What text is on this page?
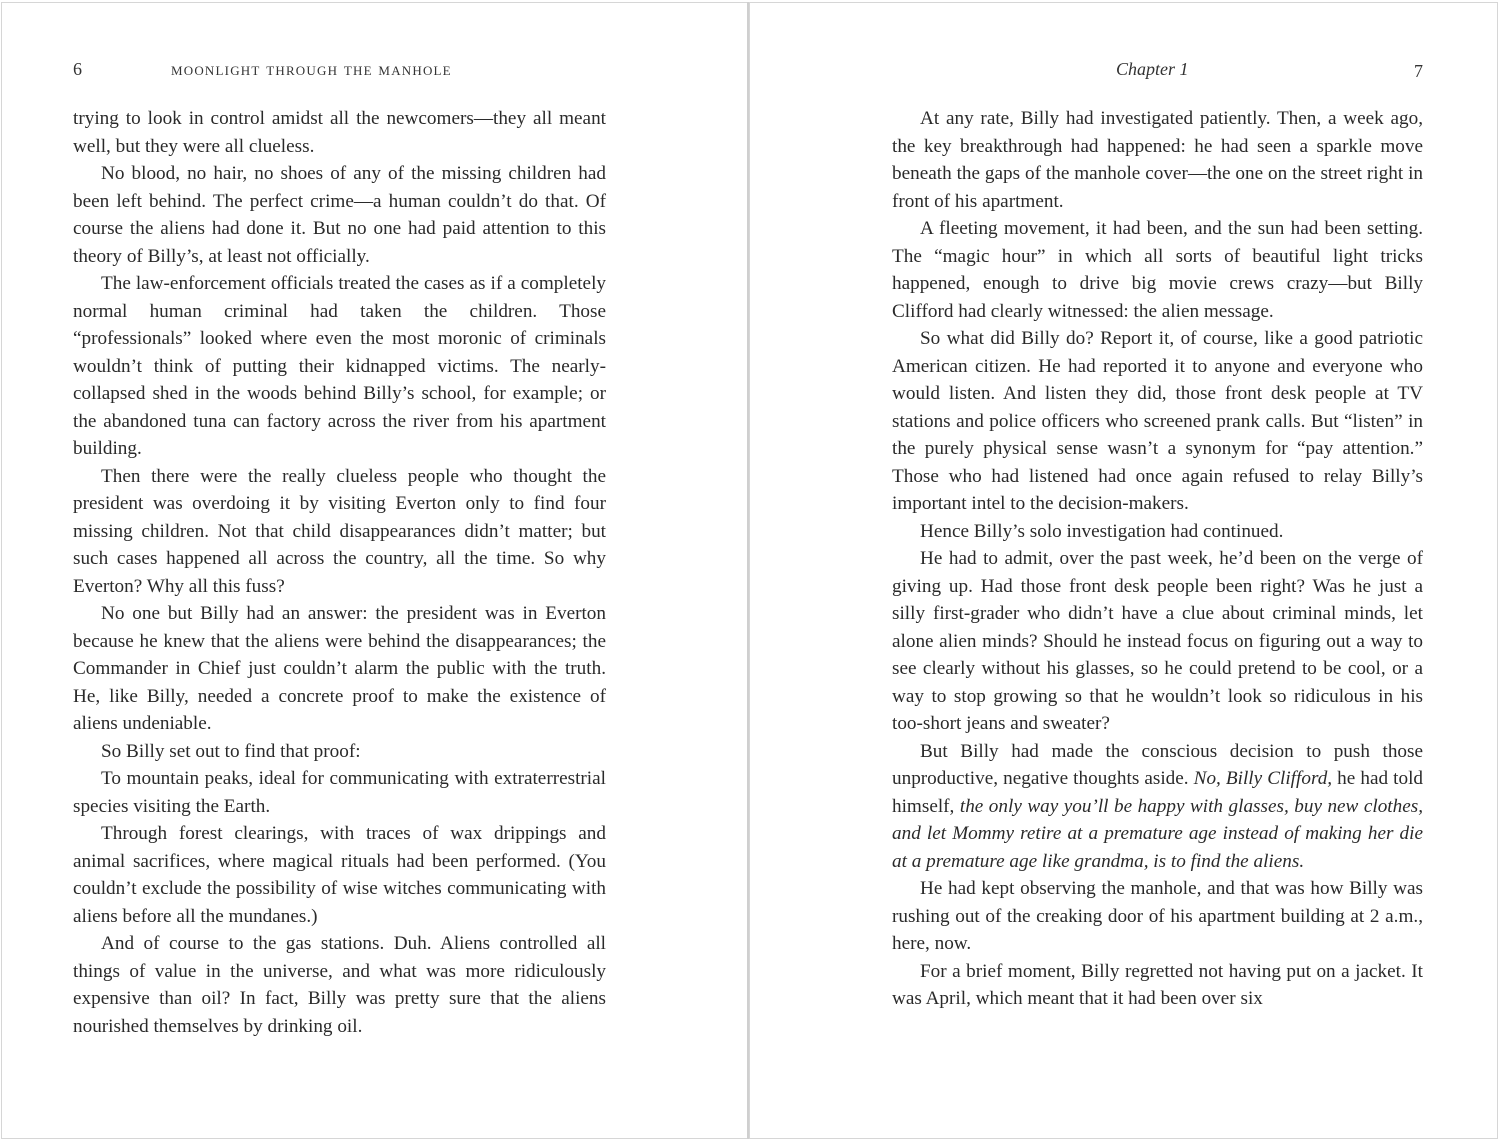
6	moonlight through the manhole

trying to look in control amidst all the newcomers—they all meant well, but they were all clueless.

No blood, no hair, no shoes of any of the missing children had been left behind. The perfect crime—a human couldn’t do that. Of course the aliens had done it. But no one had paid attention to this theory of Billy’s, at least not officially.

The law-enforcement officials treated the cases as if a completely normal human criminal had taken the children. Those “professionals” looked where even the most moronic of criminals wouldn’t think of putting their kidnapped victims. The nearly-collapsed shed in the woods behind Billy’s school, for example; or the abandoned tuna can factory across the river from his apartment building.

Then there were the really clueless people who thought the president was overdoing it by visiting Everton only to find four missing children. Not that child disappearances didn’t matter; but such cases happened all across the country, all the time. So why Everton? Why all this fuss?

No one but Billy had an answer: the president was in Everton because he knew that the aliens were behind the disappearances; the Commander in Chief just couldn’t alarm the public with the truth. He, like Billy, needed a concrete proof to make the existence of aliens undeniable.

So Billy set out to find that proof:

To mountain peaks, ideal for communicating with extraterrestrial species visiting the Earth.

Through forest clearings, with traces of wax drippings and animal sacrifices, where magical rituals had been performed. (You couldn’t exclude the possibility of wise witches communicating with aliens before all the mundanes.)

And of course to the gas stations. Duh. Aliens controlled all things of value in the universe, and what was more ridiculously expensive than oil? In fact, Billy was pretty sure that the aliens nourished themselves by drinking oil.

Chapter 1	7

At any rate, Billy had investigated patiently. Then, a week ago, the key breakthrough had happened: he had seen a sparkle move beneath the gaps of the manhole cover—the one on the street right in front of his apartment.

A fleeting movement, it had been, and the sun had been setting. The “magic hour” in which all sorts of beautiful light tricks happened, enough to drive big movie crews crazy—but Billy Clifford had clearly witnessed: the alien message.

So what did Billy do? Report it, of course, like a good patriotic American citizen. He had reported it to anyone and everyone who would listen. And listen they did, those front desk people at TV stations and police officers who screened prank calls. But “listen” in the purely physical sense wasn’t a synonym for “pay attention.” Those who had listened had once again refused to relay Billy’s important intel to the decision-makers.

Hence Billy’s solo investigation had continued.

He had to admit, over the past week, he’d been on the verge of giving up. Had those front desk people been right? Was he just a silly first-grader who didn’t have a clue about criminal minds, let alone alien minds? Should he instead focus on figuring out a way to see clearly without his glasses, so he could pretend to be cool, or a way to stop growing so that he wouldn’t look so ridiculous in his too-short jeans and sweater?

But Billy had made the conscious decision to push those unproductive, negative thoughts aside. No, Billy Clifford, he had told himself, the only way you’ll be happy with glasses, buy new clothes, and let Mommy retire at a premature age instead of making her die at a premature age like grandma, is to find the aliens.

He had kept observing the manhole, and that was how Billy was rushing out of the creaking door of his apartment building at 2 a.m., here, now.

For a brief moment, Billy regretted not having put on a jacket. It was April, which meant that it had been over six
